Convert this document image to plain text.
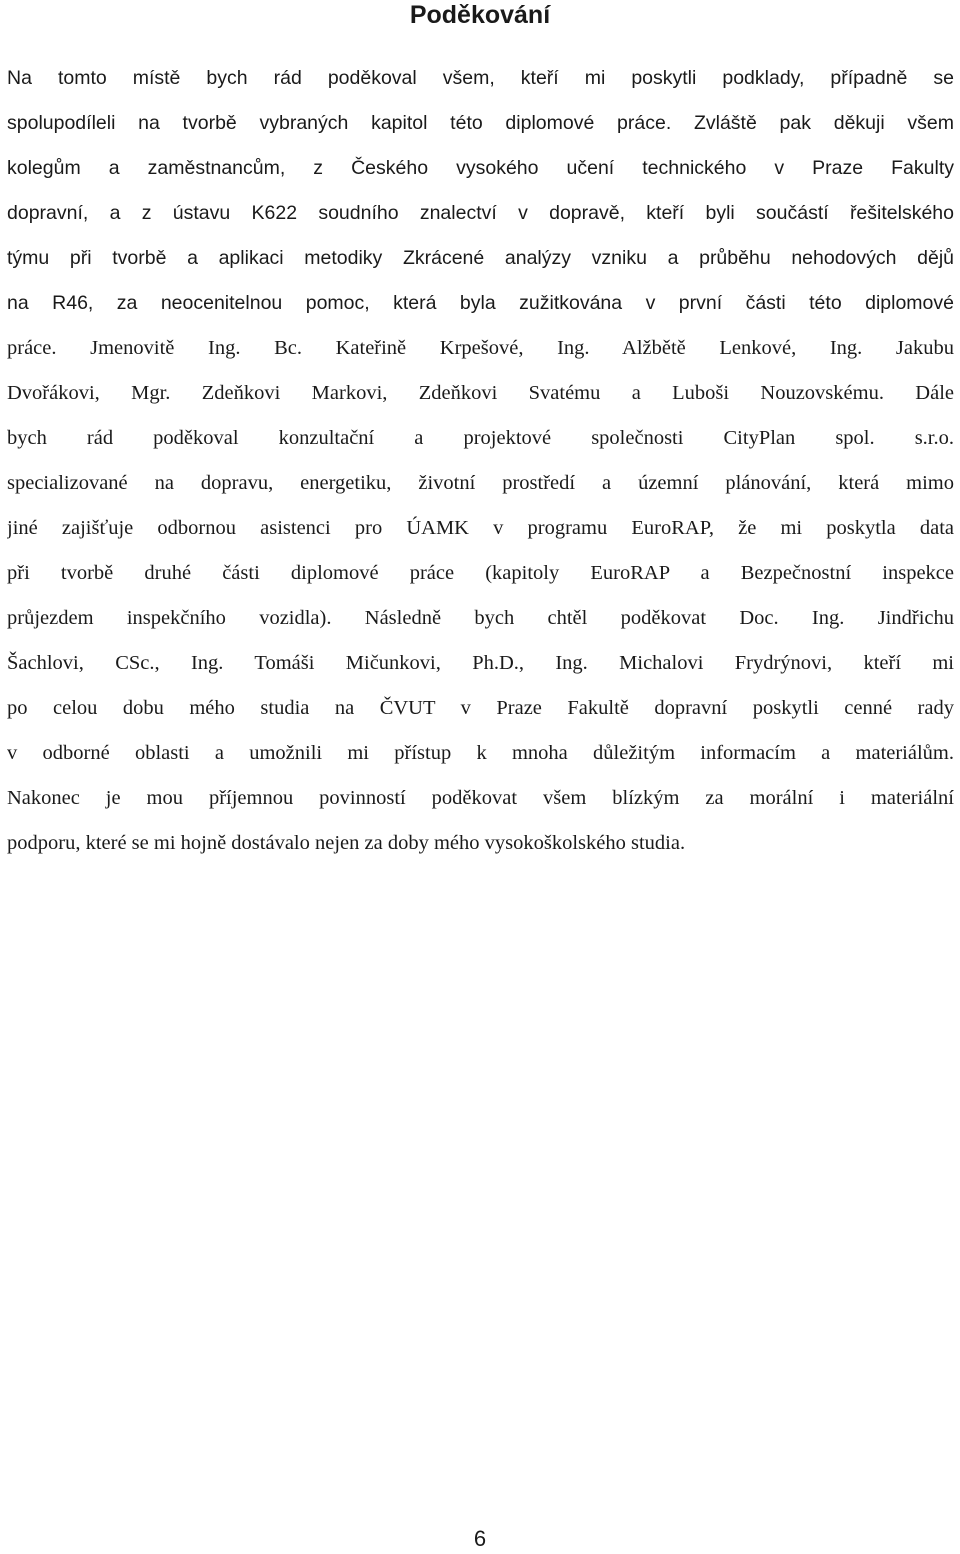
Poděkování
Na tomto místě bych rád poděkoval všem, kteří mi poskytli podklady, případně se
spolupodíleli na tvorbě vybraných kapitol této diplomové práce. Zvláště pak děkuji všem
kolegům a zaměstnancům, z Českého vysokého učení technického v Praze Fakulty
dopravní, a z ústavu K622 soudního znalectví v dopravě, kteří byli součástí řešitelského
týmu při tvorbě a aplikaci metodiky Zkrácené analýzy vzniku a průběhu nehodových dějů
na R46, za neocenitelnou pomoc, která byla zužitkována v první části této diplomové
práce. Jmenovitě Ing. Bc. Kateřině Krpešové, Ing. Alžbětě Lenkové, Ing. Jakubu
Dvořákovi, Mgr. Zdeňkovi Markovi, Zdeňkovi Svatému a Luboši Nouzovskému. Dále
bych rád poděkoval konzultační a projektové společnosti CityPlan spol. s.r.o.
specializované na dopravu, energetiku, životní prostředí a územní plánování, která mimo
jiné zajišťuje odbornou asistenci pro ÚAMK v programu EuroRAP, že mi poskytla data
při tvorbě druhé části diplomové práce (kapitoly EuroRAP a Bezpečnostní inspekce
průjezdem inspekčního vozidla). Následně bych chtěl poděkovat Doc. Ing. Jindřichu
Šachlovi, CSc., Ing. Tomáši Mičunkovi, Ph.D., Ing. Michalovi Frydrýnovi, kteří mi
po celou dobu mého studia na ČVUT v Praze Fakultě dopravní poskytli cenné rady
v odborné oblasti a umožnili mi přístup k mnoha důležitým informacím a materiálům.
Nakonec je mou příjemnou povinností poděkovat všem blízkým za morální i materiální
podporu, které se mi hojně dostávalo nejen za doby mého vysokoškolského studia.
6
